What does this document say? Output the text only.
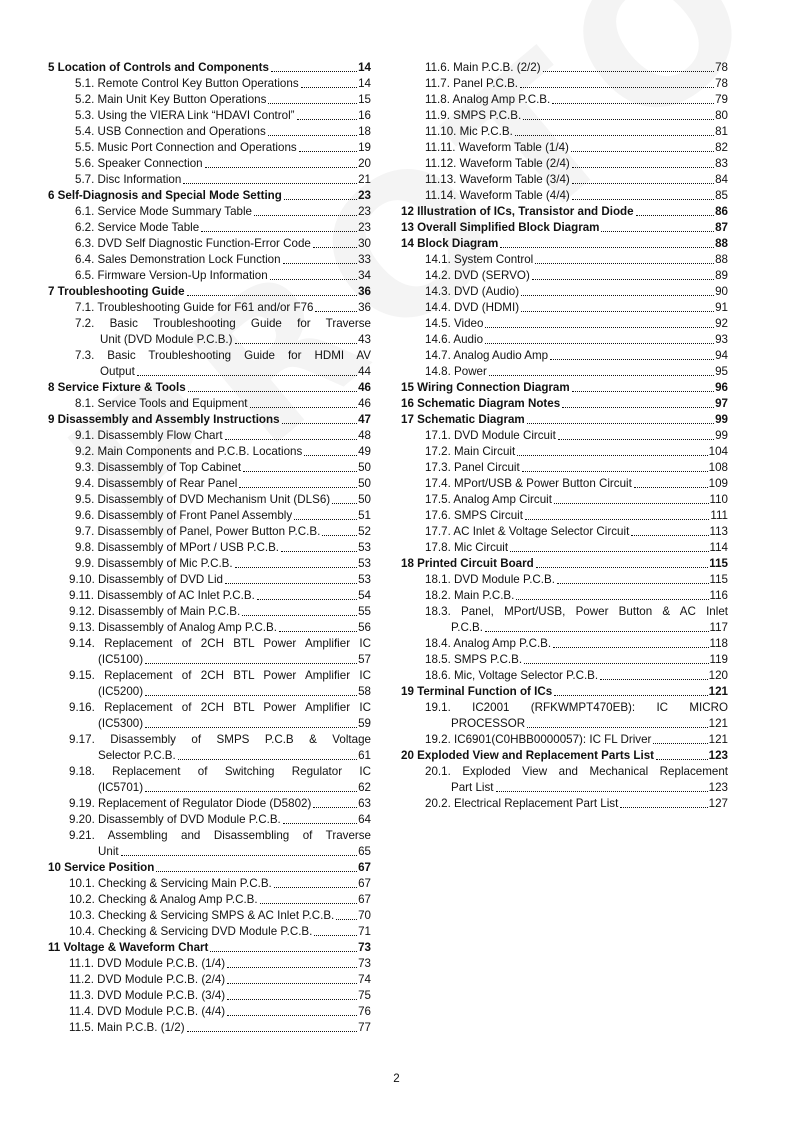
5 Location of Controls and Components	14
5.1. Remote Control Key Button Operations	14
5.2. Main Unit Key Button Operations	15
5.3. Using the VIERA Link “HDAVI Control”	16
5.4. USB Connection and Operations	18
5.5. Music Port Connection and Operations	19
5.6. Speaker Connection	20
5.7. Disc Information	21
6 Self-Diagnosis and Special Mode Setting	23
6.1. Service Mode Summary Table	23
6.2. Service Mode Table	23
6.3. DVD Self Diagnostic Function-Error Code	30
6.4. Sales Demonstration Lock Function	33
6.5. Firmware Version-Up Information	34
7 Troubleshooting Guide	36
7.1. Troubleshooting Guide for F61 and/or F76	36
7.2. Basic Troubleshooting Guide for Traverse
Unit (DVD Module P.C.B.)	43
7.3. Basic Troubleshooting Guide for HDMI AV
Output	44
8 Service Fixture & Tools	46
8.1. Service Tools and Equipment	46
9 Disassembly and Assembly Instructions	47
9.1. Disassembly Flow Chart	48
9.2. Main Components and P.C.B. Locations	49
9.3. Disassembly of Top Cabinet	50
9.4. Disassembly of Rear Panel	50
9.5. Disassembly of DVD Mechanism Unit (DLS6) 50
9.6. Disassembly of Front Panel Assembly	51
9.7. Disassembly of Panel, Power Button P.C.B.	52
9.8. Disassembly of MPort / USB P.C.B.	53
9.9. Disassembly of Mic P.C.B.	53
9.10. Disassembly of DVD Lid	53
9.11. Disassembly of AC Inlet P.C.B.	54
9.12. Disassembly of Main P.C.B.	55
9.13. Disassembly of Analog Amp P.C.B.	56
9.14. Replacement of 2CH BTL Power Amplifier IC
(IC5100)	57
9.15. Replacement of 2CH BTL Power Amplifier IC
(IC5200)	58
9.16. Replacement of 2CH BTL Power Amplifier IC
(IC5300)	59
9.17. Disassembly of SMPS P.C.B & Voltage
Selector P.C.B.	61
9.18. Replacement of Switching Regulator IC
(IC5701)	62
9.19. Replacement of Regulator Diode (D5802)	63
9.20. Disassembly of DVD Module P.C.B.	64
9.21. Assembling and Disassembling of Traverse
Unit	65
10 Service Position	67
10.1. Checking & Servicing Main P.C.B.	67
10.2. Checking & Analog Amp P.C.B.	67
10.3. Checking & Servicing SMPS & AC Inlet P.C.B. 70
10.4. Checking & Servicing DVD Module P.C.B.	71
11 Voltage & Waveform Chart	73
11.1. DVD Module P.C.B. (1/4)	73
11.2. DVD Module P.C.B. (2/4)	74
11.3. DVD Module P.C.B. (3/4)	75
11.4. DVD Module P.C.B. (4/4)	76
11.5. Main P.C.B. (1/2)	77
11.6. Main P.C.B. (2/2)	78
11.7. Panel P.C.B.	78
11.8. Analog Amp P.C.B.	79
11.9. SMPS P.C.B.	80
11.10. Mic P.C.B.	81
11.11. Waveform Table (1/4)	82
11.12. Waveform Table (2/4)	83
11.13. Waveform Table (3/4)	84
11.14. Waveform Table (4/4)	85
12 Illustration of ICs, Transistor and Diode	86
13 Overall Simplified Block Diagram	87
14 Block Diagram	88
14.1. System Control	88
14.2. DVD (SERVO)	89
14.3. DVD (Audio)	90
14.4. DVD (HDMI)	91
14.5. Video	92
14.6. Audio	93
14.7. Analog Audio Amp	94
14.8. Power	95
15 Wiring Connection Diagram	96
16 Schematic Diagram Notes	97
17 Schematic Diagram	99
17.1. DVD Module Circuit	99
17.2. Main Circuit	104
17.3. Panel Circuit	108
17.4. MPort/USB & Power Button Circuit	109
17.5. Analog Amp Circuit	110
17.6. SMPS Circuit	111
17.7. AC Inlet & Voltage Selector Circuit	113
17.8. Mic Circuit	114
18 Printed Circuit Board	115
18.1. DVD Module P.C.B.	115
18.2. Main P.C.B.	116
18.3. Panel, MPort/USB, Power Button & AC Inlet
P.C.B.	117
18.4. Analog Amp P.C.B.	118
18.5. SMPS P.C.B.	119
18.6. Mic, Voltage Selector P.C.B.	120
19 Terminal Function of ICs	121
19.1. IC2001 (RFKWMPT470EB): IC MICRO
PROCESSOR	121
19.2. IC6901(C0HBB0000057): IC FL Driver	121
20 Exploded View and Replacement Parts List	123
20.1. Exploded View and Mechanical Replacement
Part List	123
20.2. Electrical Replacement Part List	127
2
